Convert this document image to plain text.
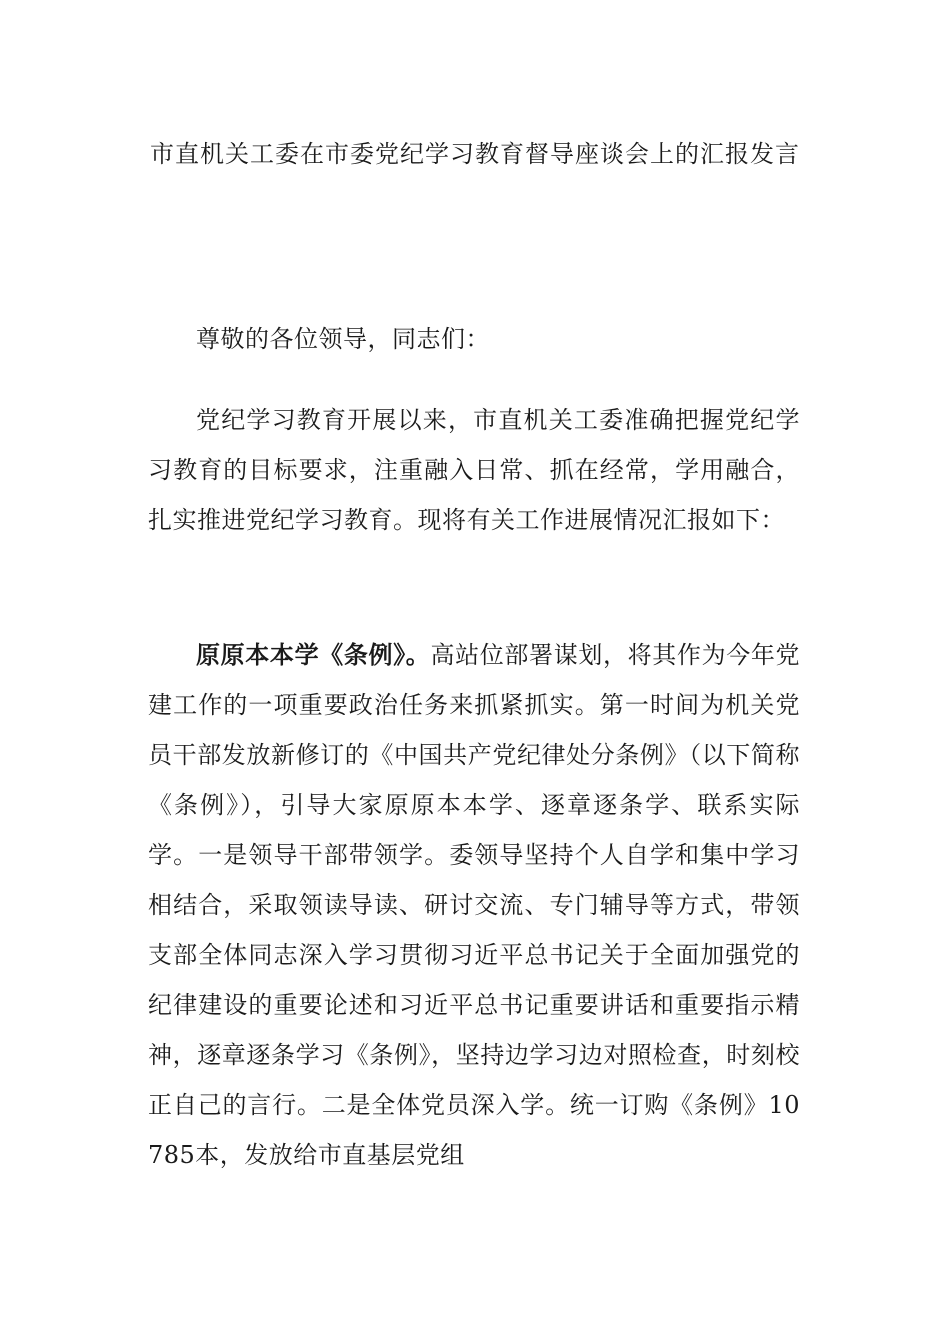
市直机关工委在市委党纪学习教育督导座谈会上的汇报发言

尊敬的各位领导，同志们：

党纪学习教育开展以来，市直机关工委准确把握党纪学习教育的目标要求，注重融入日常、抓在经常，学用融合，扎实推进党纪学习教育。现将有关工作进展情况汇报如下：

原原本本学《条例》。高站位部署谋划，将其作为今年党建工作的一项重要政治任务来抓紧抓实。第一时间为机关党员干部发放新修订的《中国共产党纪律处分条例》（以下简称《条例》），引导大家原原本本学、逐章逐条学、联系实际学。一是领导干部带领学。委领导坚持个人自学和集中学习相结合，采取领读导读、研讨交流、专门辅导等方式，带领支部全体同志深入学习贯彻习近平总书记关于全面加强党的纪律建设的重要论述和习近平总书记重要讲话和重要指示精神，逐章逐条学习《条例》，坚持边学习边对照检查，时刻校正自己的言行。二是全体党员深入学。统一订购《条例》10785本，发放给市直基层党组
